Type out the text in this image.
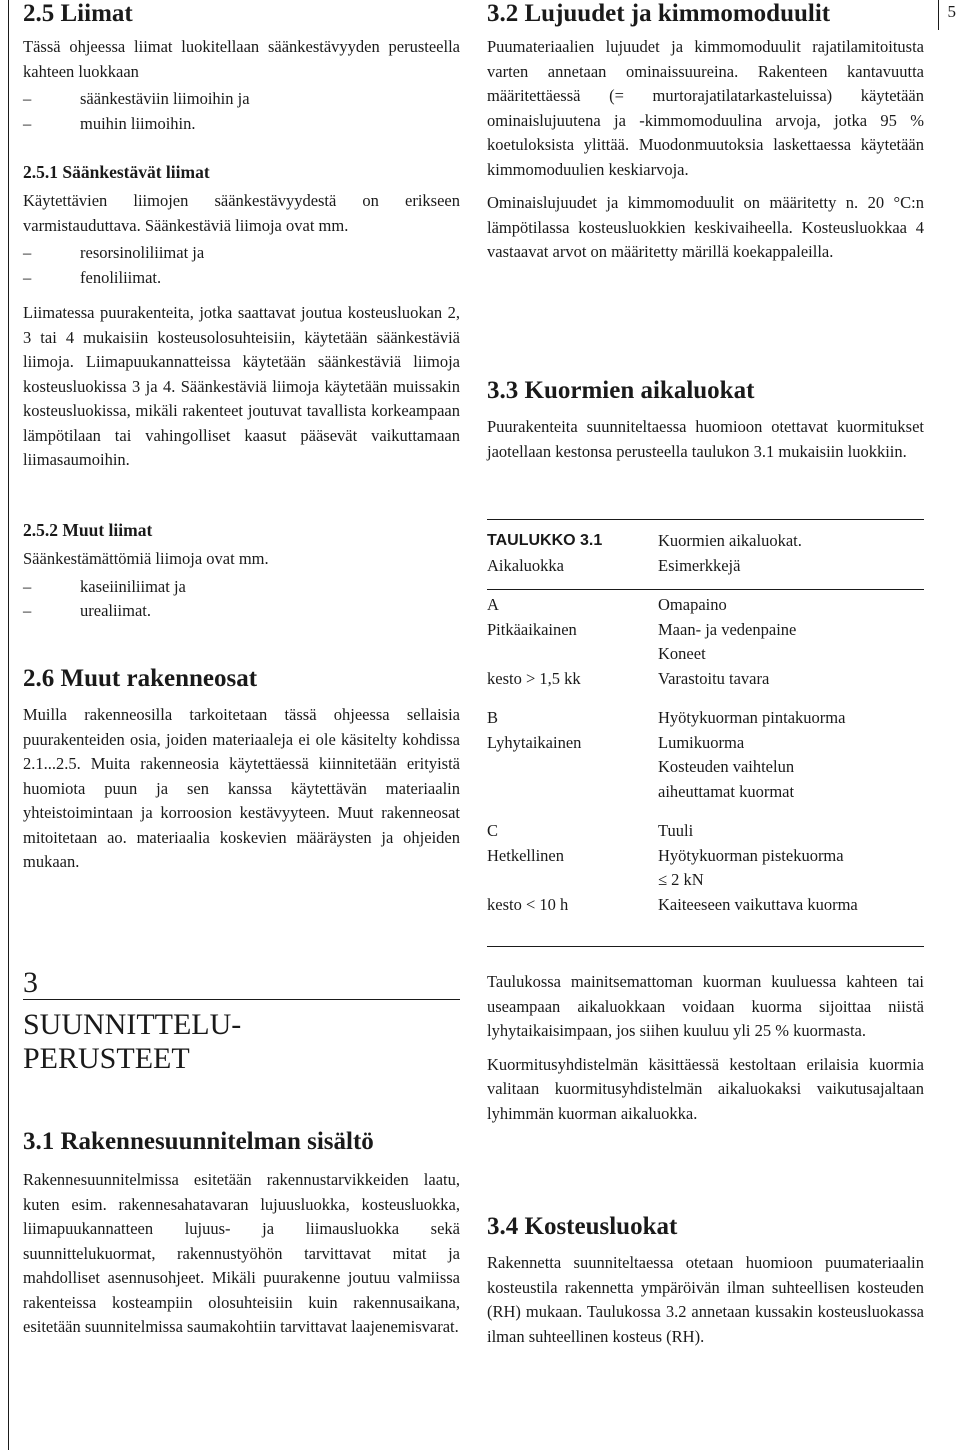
5
2.5 Liimat

Tässä ohjeessa liimat luokitellaan säänkestävyyden perusteella kahteen luokkaan

–	säänkestäviin liimoihin ja
–	muihin liimoihin.
2.5.1 Säänkestävät liimat

Käytettävien liimojen säänkestävyydestä on erikseen varmistauduttava. Säänkestäviä liimoja ovat mm.

–	resorsinoliliimat ja
–	fenoliliimat.

Liimatessa puurakenteita, jotka saattavat joutua kosteusluokan 2, 3 tai 4 mukaisiin kosteusolosuhteisiin, käytetään säänkestäviä liimoja. Liimapuukannatteissa käytetään säänkestäviä liimoja kosteusluokissa 3 ja 4. Säänkestäviä liimoja käytetään muissakin kosteusluokissa, mikäli rakenteet joutuvat tavallista korkeampaan lämpötilaan tai vahingolliset kaasut pääsevät vaikuttamaan liimasaumoihin.

2.5.2 Muut liimat

Säänkestämättömiä liimoja ovat mm.

–	kaseiiniliimat ja
–	urealiimat.
2.6 Muut rakenneosat

Muilla rakenneosilla tarkoitetaan tässä ohjeessa sellaisia puurakenteiden osia, joiden materiaaleja ei ole käsitelty kohdissa 2.1...2.5. Muita rakenneosia käytettäessä kiinnitetään erityistä huomiota puun ja sen kanssa käytettävän materiaalin yhteistoimintaan ja korroosion kestävyyteen. Muut rakenneosat mitoitetaan ao. materiaalia koskevien määräysten ja ohjeiden mukaan.

3
SUUNNITTELU-
PERUSTEET
3.1 Rakennesuunnitelman sisältö

Rakennesuunnitelmissa esitetään rakennustarvikkeiden laatu, kuten esim. rakennesahatavaran lujuusluokka, kosteusluokka, liimapuukannatteen lujuus- ja liimausluokka sekä suunnittelukuormat, rakennustyöhön tarvittavat mitat ja mahdolliset asennusohjeet. Mikäli puurakenne joutuu valmiissa rakenteissa kosteampiin olosuhteisiin kuin rakennusaikana, esitetään suunnitelmissa saumakohtiin tarvittavat laajenemisvarat.

3.2 Lujuudet ja kimmomoduulit

Puumateriaalien lujuudet ja kimmomoduulit rajatilamitoitusta varten annetaan ominaissuureina. Rakenteen kantavuutta määritettäessä (= murtorajatilatarkasteluissa) käytetään ominaislujuutena ja -kimmomoduulina arvoja, jotka 95 % koetuloksista ylittää. Muodonmuutoksia laskettaessa käytetään kimmomoduulien keskiarvoja.

Ominaislujuudet ja kimmomoduulit on määritetty n. 20 °C:n lämpötilassa kosteusluokkien keskivaiheella. Kosteusluokkaa 4 vastaavat arvot on määritetty märillä koekappaleilla.

3.3 Kuormien aikaluokat

Puurakenteita suunniteltaessa huomioon otettavat kuormitukset jaotellaan kestonsa perusteella taulukon 3.1 mukaisiin luokkiin.

TAULUKKO 3.1	Kuormien aikaluokat.
Aikaluokka	Esimerkkejä

A	Omapaino
Pitkäaikainen	Maan- ja vedenpaine
	Koneet
kesto > 1,5 kk	Varastoitu tavara

B	Hyötykuorman pintakuorma
Lyhytaikainen	Lumikuorma
	Kosteuden vaihtelun
	aiheuttamat kuormat

C	Tuuli
Hetkellinen	Hyötykuorman pistekuorma
	≤ 2 kN
kesto < 10 h	Kaiteeseen vaikuttava kuorma

Taulukossa mainitsemattoman kuorman kuuluessa kahteen tai useampaan aikaluokkaan voidaan kuorma sijoittaa niistä lyhytaikaisimpaan, jos siihen kuuluu yli 25 % kuormasta.

Kuormitusyhdistelmän käsittäessä kestoltaan erilaisia kuormia valitaan kuormitusyhdistelmän aikaluokaksi vaikutusajaltaan lyhimmän kuorman aikaluokka.

3.4 Kosteusluokat

Rakennetta suunniteltaessa otetaan huomioon puumateriaalin kosteustila rakennetta ympäröivän ilman suhteellisen kosteuden (RH) mukaan. Taulukossa 3.2 annetaan kussakin kosteusluokassa ilman suhteellinen kosteus (RH).
